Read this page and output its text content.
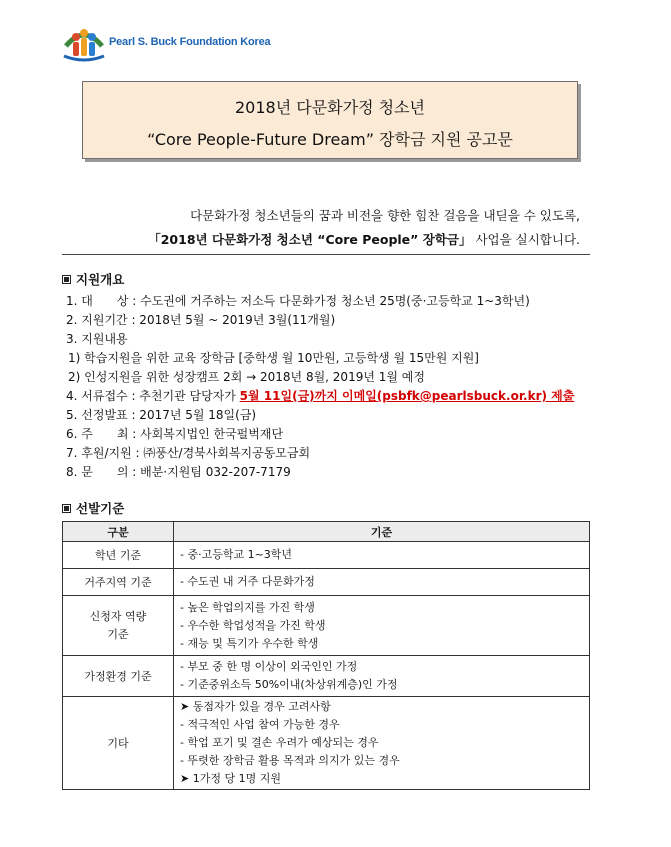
Pearl S. Buck Foundation Korea
2018년 다문화가정 청소년
“Core People-Future Dream” 장학금 지원 공고문
다문화가정 청소년들의 꿈과 비전을 향한 힘찬 걸음을 내딛을 수 있도록,
「2018년 다문화가정 청소년 “Core People” 장학금」 사업을 실시합니다.
지원개요
1. 대　　상 : 수도권에 거주하는 저소득 다문화가정 청소년 25명(중·고등학교 1~3학년)
2. 지원기간 : 2018년 5월 ~ 2019년 3월(11개월)
3. 지원내용
1) 학습지원을 위한 교육 장학금 [중학생 월 10만원, 고등학생 월 15만원 지원]
2) 인성지원을 위한 성장캠프 2회 → 2018년 8월, 2019년 1월 예정
4. 서류접수 : 추천기관 담당자가 5월 11일(금)까지 이메일(psbfk@pearlsbuck.or.kr) 제출
5. 선정발표 : 2017년 5월 18일(금)
6. 주　　최 : 사회복지법인 한국펄벅재단
7. 후원/지원 : ㈜풍산/경북사회복지공동모금회
8. 문　　의 : 배분·지원팀 032-207-7179
선발기준
구분	기준
학년 기준	- 중·고등학교 1~3학년

거주지역 기준	- 수도권 내 거주 다문화가정

신청자 역량 기준	- 높은 학업의지를 가진 학생
- 우수한 학업성적을 가진 학생
- 재능 및 특기가 우수한 학생

가정환경 기준	- 부모 중 한 명 이상이 외국인인 가정
- 기준중위소득 50%이내(차상위계층)인 가정

기타	➤ 동점자가 있을 경우 고려사항
- 적극적인 사업 참여 가능한 경우
- 학업 포기 및 결손 우려가 예상되는 경우
- 뚜렷한 장학금 활용 목적과 의지가 있는 경우
➤ 1가정 당 1명 지원
